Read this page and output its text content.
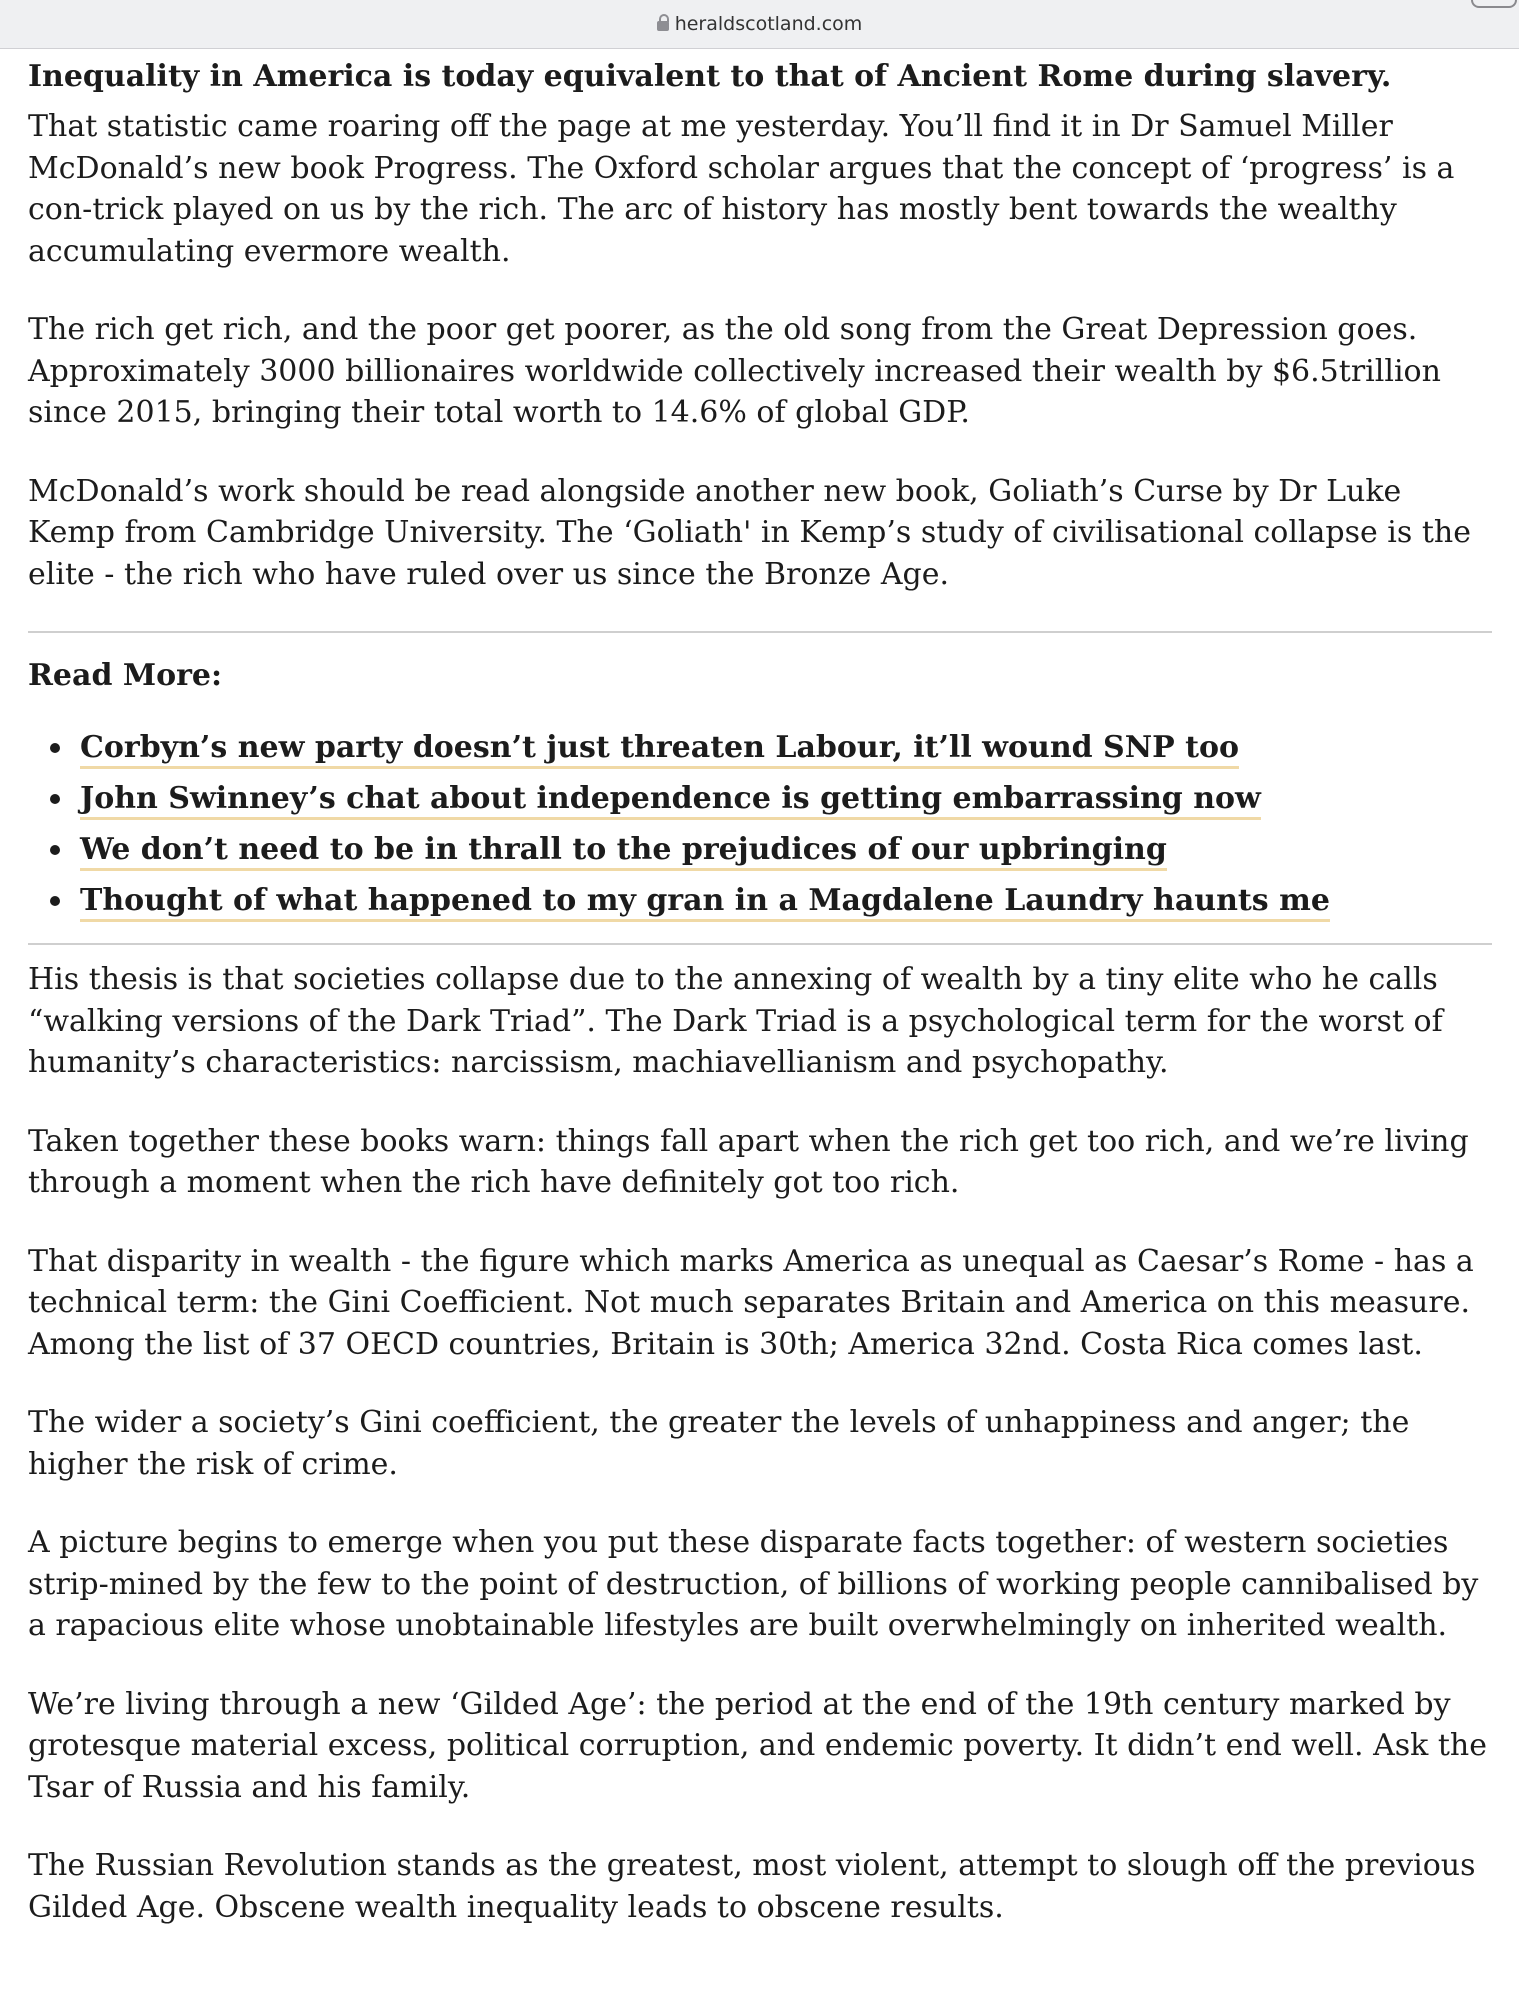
heraldscotland.com

Inequality in America is today equivalent to that of Ancient Rome during slavery.

That statistic came roaring off the page at me yesterday. You’ll find it in Dr Samuel Miller McDonald’s new book Progress. The Oxford scholar argues that the concept of ‘progress’ is a con-trick played on us by the rich. The arc of history has mostly bent towards the wealthy accumulating evermore wealth.

The rich get rich, and the poor get poorer, as the old song from the Great Depression goes. Approximately 3000 billionaires worldwide collectively increased their wealth by $6.5trillion since 2015, bringing their total worth to 14.6% of global GDP.

McDonald’s work should be read alongside another new book, Goliath’s Curse by Dr Luke Kemp from Cambridge University. The ‘Goliath' in Kemp’s study of civilisational collapse is the elite - the rich who have ruled over us since the Bronze Age.

Read More:

Corbyn’s new party doesn’t just threaten Labour, it’ll wound SNP too
John Swinney’s chat about independence is getting embarrassing now
We don’t need to be in thrall to the prejudices of our upbringing
Thought of what happened to my gran in a Magdalene Laundry haunts me

His thesis is that societies collapse due to the annexing of wealth by a tiny elite who he calls “walking versions of the Dark Triad”. The Dark Triad is a psychological term for the worst of humanity’s characteristics: narcissism, machiavellianism and psychopathy.

Taken together these books warn: things fall apart when the rich get too rich, and we’re living through a moment when the rich have definitely got too rich.

That disparity in wealth - the figure which marks America as unequal as Caesar’s Rome - has a technical term: the Gini Coefficient. Not much separates Britain and America on this measure. Among the list of 37 OECD countries, Britain is 30th; America 32nd. Costa Rica comes last.

The wider a society’s Gini coefficient, the greater the levels of unhappiness and anger; the higher the risk of crime.

A picture begins to emerge when you put these disparate facts together: of western societies strip-mined by the few to the point of destruction, of billions of working people cannibalised by a rapacious elite whose unobtainable lifestyles are built overwhelmingly on inherited wealth.

We’re living through a new ‘Gilded Age’: the period at the end of the 19th century marked by grotesque material excess, political corruption, and endemic poverty. It didn’t end well. Ask the Tsar of Russia and his family.

The Russian Revolution stands as the greatest, most violent, attempt to slough off the previous Gilded Age. Obscene wealth inequality leads to obscene results.
